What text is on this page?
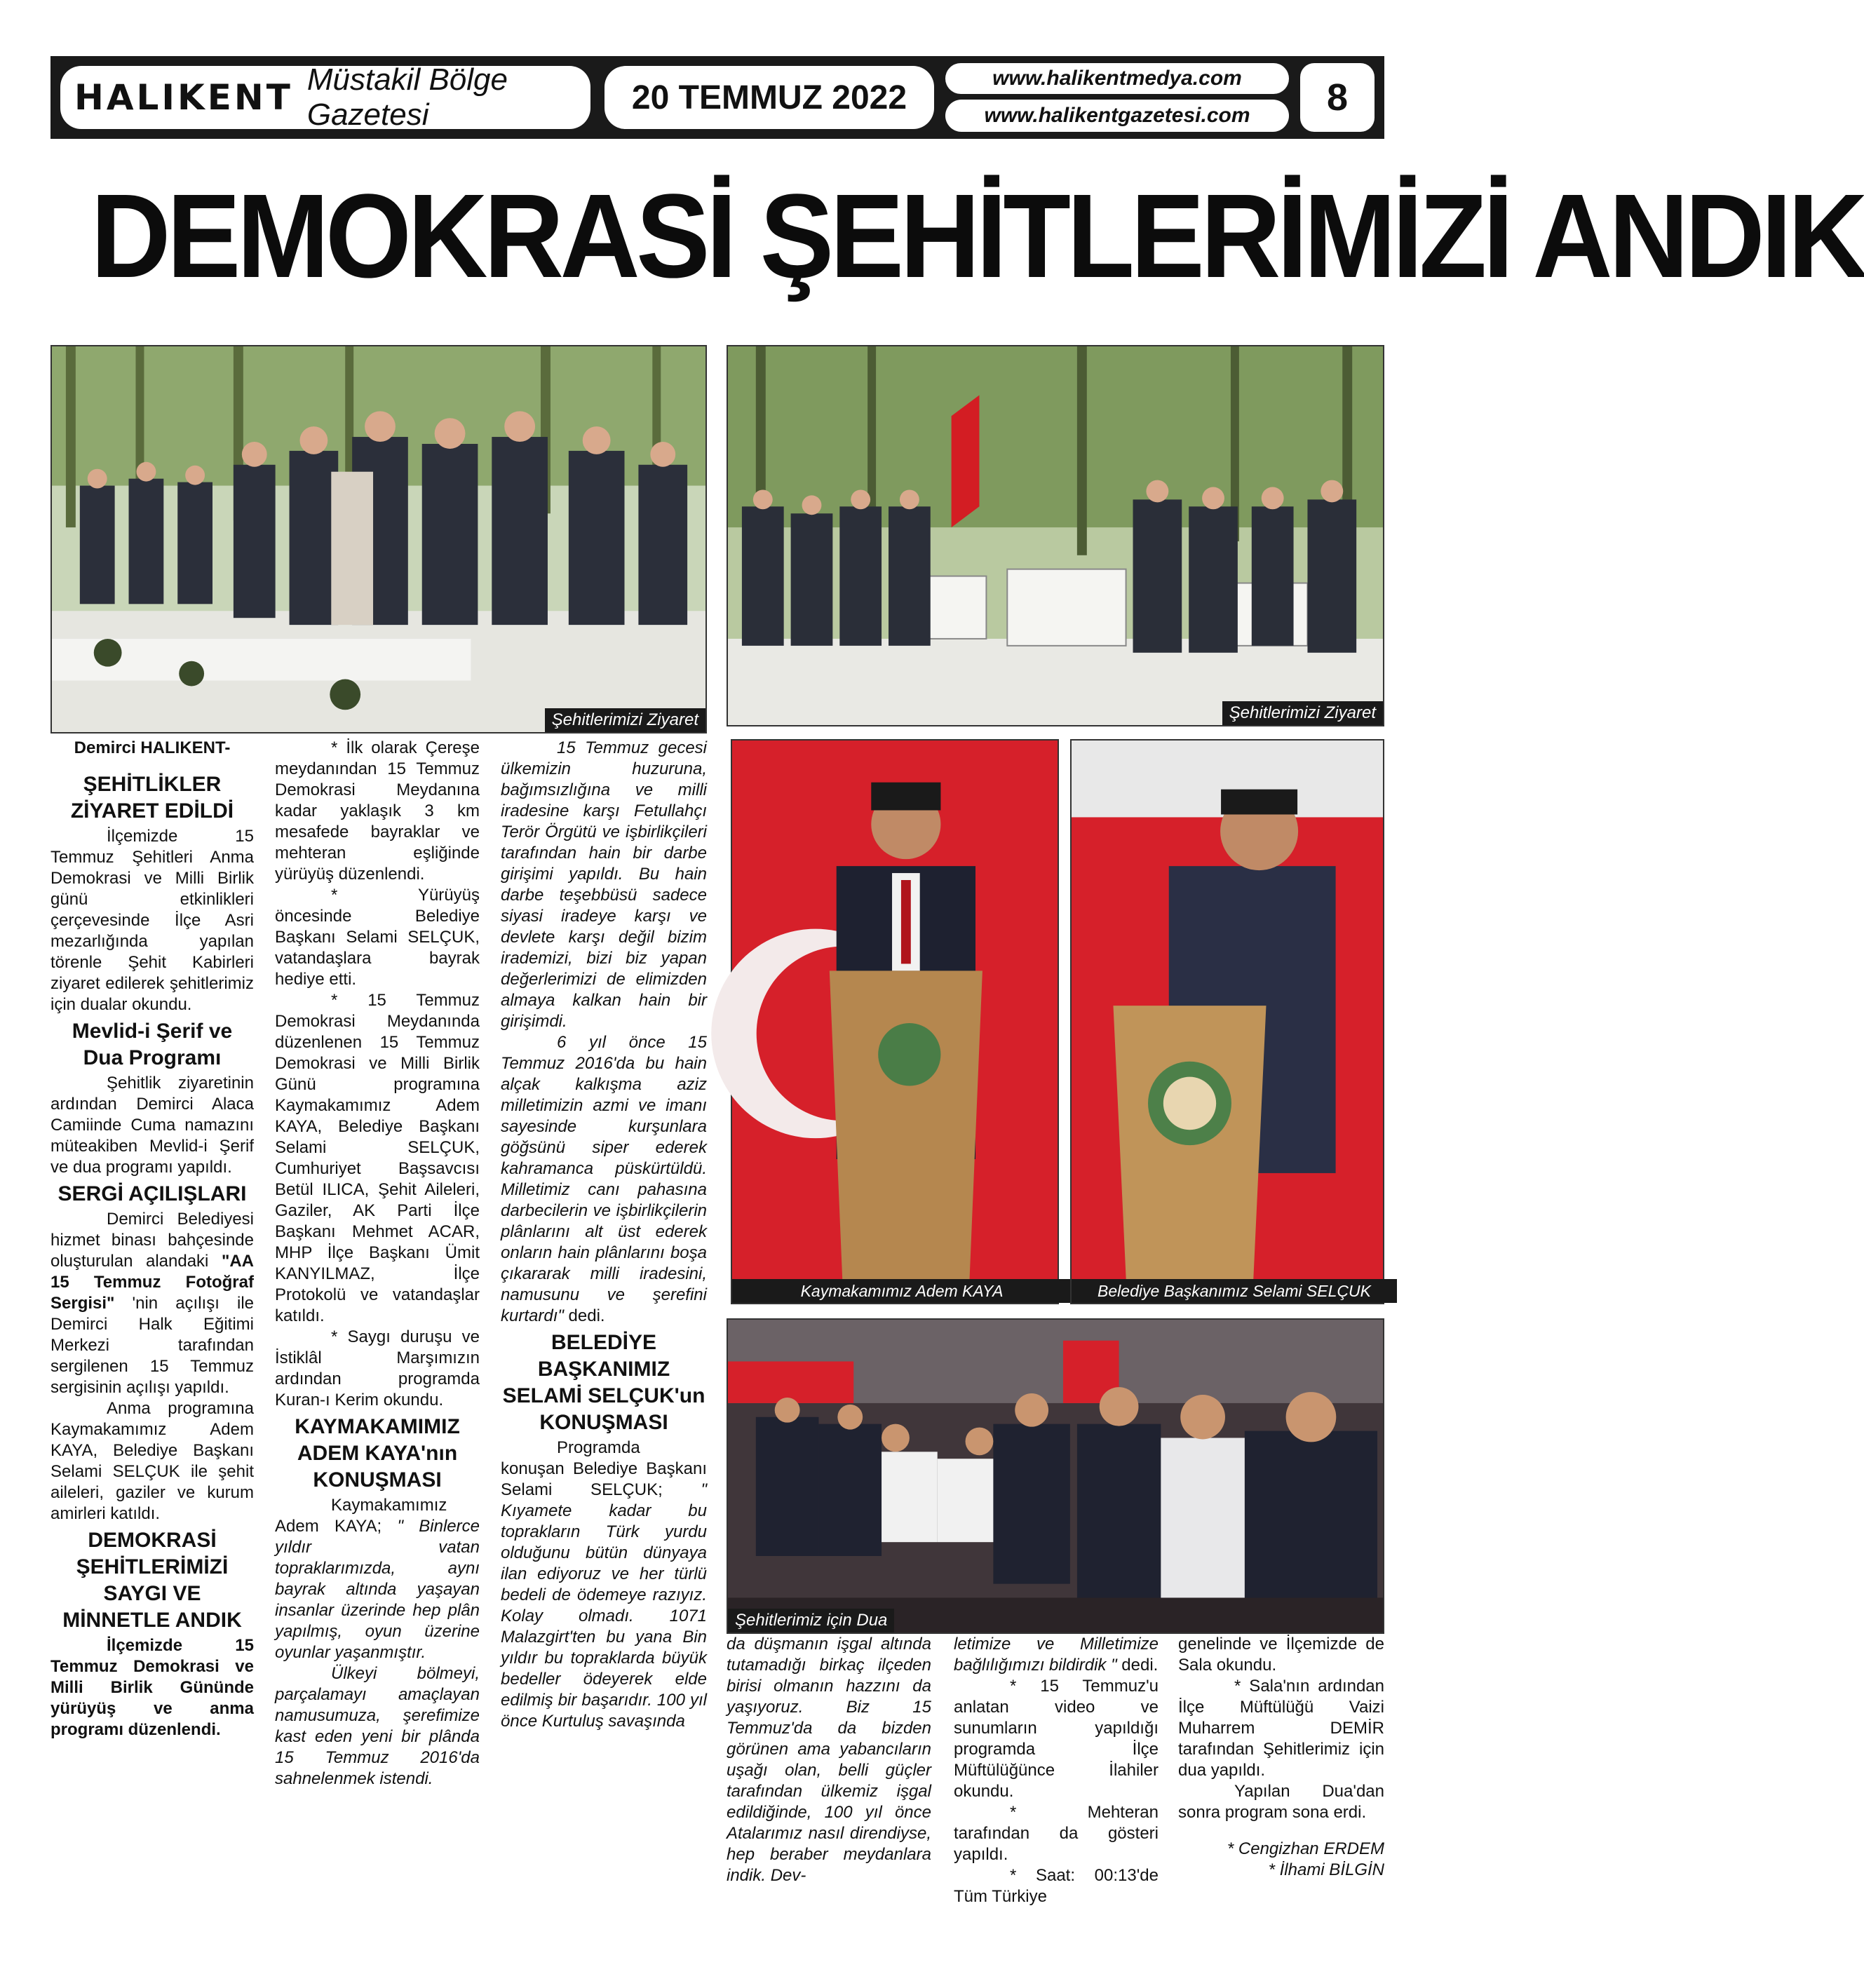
HALIKENT Müstakil Bölge Gazetesi	20 TEMMUZ 2022
www.halikentmedya.com
www.halikentgazetesi.com	8
DEMOKRASİ ŞEHİTLERİMİZİ ANDIK
Şehitlerimizi Ziyaret	Şehitlerimizi Ziyaret
Kaymakamımız Adem KAYA	Belediye Başkanımız Selami SELÇUK
Şehitlerimiz için Dua

Demirci HALIKENT-

ŞEHİTLİKLER ZİYARET EDİLDİ

İlçemizde 15 Temmuz Şehitleri Anma Demokrasi ve Milli Birlik günü etkinlikleri çerçevesinde İlçe Asri mezarlığında yapılan törenle Şehit Kabirleri ziyaret edilerek şehitlerimiz için dualar okundu.

Mevlid-i Şerif ve Dua Programı

Şehitlik ziyaretinin ardından Demirci Alaca Camiinde Cuma namazını müteakiben Mevlid-i Şerif ve dua programı yapıldı.

SERGİ AÇILIŞLARI

Demirci Belediyesi hizmet binası bahçesinde oluşturulan alandaki "AA 15 Temmuz Fotoğraf Sergisi" 'nin açılışı ile Demirci Halk Eğitimi Merkezi tarafından sergilenen 15 Temmuz sergisinin açılışı yapıldı.

Anma programına Kaymakamımız Adem KAYA, Belediye Başkanı Selami SELÇUK ile şehit aileleri, gaziler ve kurum amirleri katıldı.

DEMOKRASİ ŞEHİTLERİMİZİ SAYGI VE MİNNETLE ANDIK

İlçemizde 15 Temmuz Demokrasi ve Milli Birlik Gününde yürüyüş ve anma programı düzenlendi.

* İlk olarak Çereşe meydanından 15 Temmuz Demokrasi Meydanına kadar yaklaşık 3 km mesafede bayraklar ve mehteran eşliğinde yürüyüş düzenlendi.

* Yürüyüş öncesinde Belediye Başkanı Selami SELÇUK, vatandaşlara bayrak hediye etti.

* 15 Temmuz Demokrasi Meydanında düzenlenen 15 Temmuz Demokrasi ve Milli Birlik Günü programına Kaymakamımız Adem KAYA, Belediye Başkanı Selami SELÇUK, Cumhuriyet Başsavcısı Betül ILICA, Şehit Aileleri, Gaziler, AK Parti İlçe Başkanı Mehmet ACAR, MHP İlçe Başkanı Ümit KANYILMAZ, İlçe Protokolü ve vatandaşlar katıldı.

* Saygı duruşu ve İstiklâl Marşımızın ardından programda Kuran-ı Kerim okundu.

KAYMAKAMIMIZ ADEM KAYA'nın KONUŞMASI

Kaymakamımız Adem KAYA; " Binlerce yıldır vatan topraklarımızda, aynı bayrak altında yaşayan insanlar üzerinde hep plân yapılmış, oyun üzerine oyunlar yaşanmıştır.

Ülkeyi bölmeyi, parçalamayı amaçlayan namusumuza, şerefimize kast eden yeni bir plânda 15 Temmuz 2016'da sahnelenmek istendi.

15 Temmuz gecesi ülkemizin huzuruna, bağımsızlığına ve milli iradesine karşı Fetullahçı Terör Örgütü ve işbirlikçileri tarafından hain bir darbe girişimi yapıldı. Bu hain darbe teşebbüsü sadece siyasi iradeye karşı ve devlete karşı değil bizim irademizi, bizi biz yapan değerlerimizi de elimizden almaya kalkan hain bir girişimdi.

6 yıl önce 15 Temmuz 2016'da bu hain alçak kalkışma aziz milletimizin azmi ve imanı sayesinde kurşunlara göğsünü siper ederek kahramanca püskürtüldü. Milletimiz canı pahasına darbecilerin ve işbirlikçilerin plânlarını alt üst ederek onların hain plânlarını boşa çıkararak milli iradesini, namusunu ve şerefini kurtardı" dedi.

BELEDİYE BAŞKANIMIZ SELAMİ SELÇUK'un KONUŞMASI

Programda konuşan Belediye Başkanı Selami SELÇUK; " Kıyamete kadar bu toprakların Türk yurdu olduğunu bütün dünyaya ilan ediyoruz ve her türlü bedeli de ödemeye razıyız. Kolay olmadı. 1071 Malazgirt'ten bu yana Bin yıldır bu topraklarda büyük bedeller ödeyerek elde edilmiş bir başarıdır. 100 yıl önce Kurtuluş savaşında

da düşmanın işgal altında tutamadığı birkaç ilçeden birisi olmanın hazzını da yaşıyoruz. Biz 15 Temmuz'da da bizden görünen ama yabancıların uşağı olan, belli güçler tarafından ülkemiz işgal edildiğinde, 100 yıl önce Atalarımız nasıl direndiyse, hep beraber meydanlara indik. Dev-

letimize ve Milletimize bağlılığımızı bildirdik " dedi.

* 15 Temmuz'u anlatan video ve sunumların yapıldığı programda İlçe Müftülüğünce İlahiler okundu.

* Mehteran tarafından da gösteri yapıldı.

* Saat: 00:13'de Tüm Türkiye

genelinde ve İlçemizde de Sala okundu.

* Sala'nın ardından İlçe Müftülüğü Vaizi Muharrem DEMİR tarafından Şehitlerimiz için dua yapıldı.

Yapılan Dua'dan sonra program sona erdi.

* Cengizhan ERDEM

* İlhami BİLGİN
